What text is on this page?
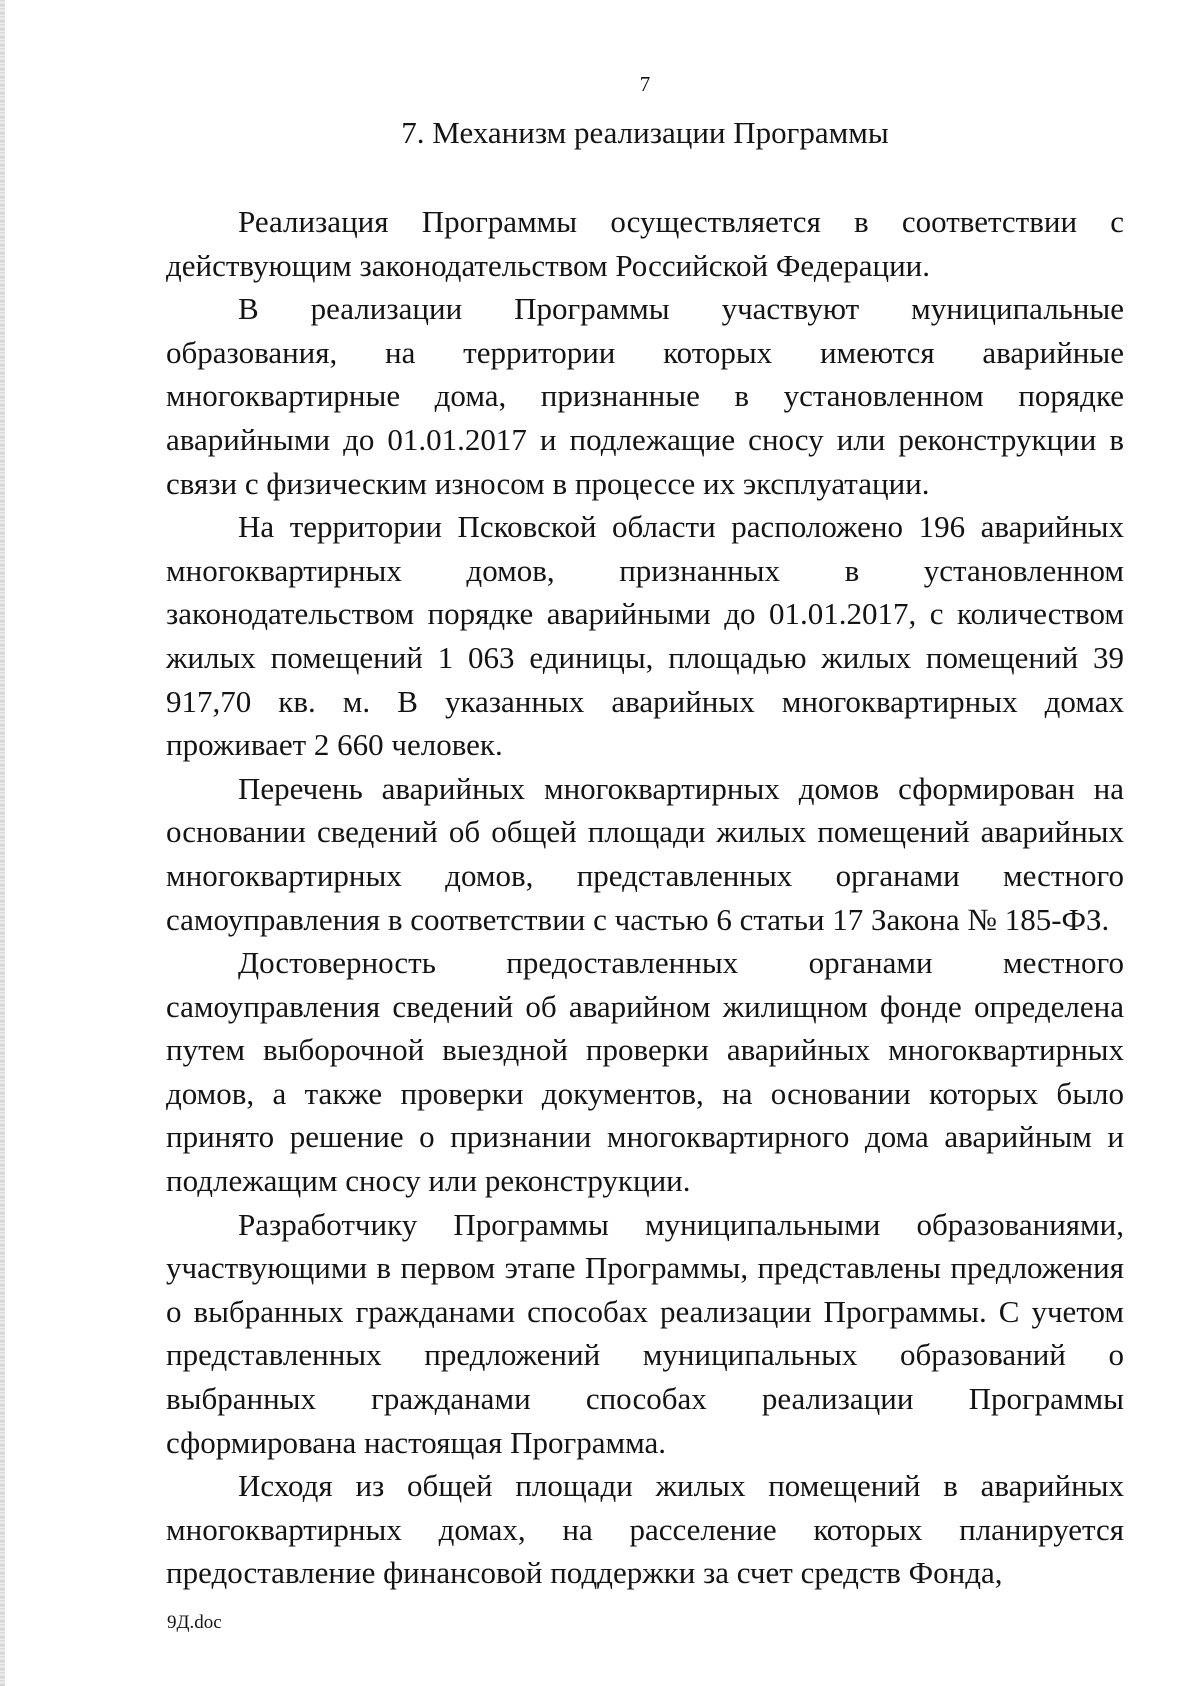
7
7. Механизм реализации Программы

Реализация Программы осуществляется в соответствии с действующим законодательством Российской Федерации.

В реализации Программы участвуют муниципальные образования, на территории которых имеются аварийные многоквартирные дома, признанные в установленном порядке аварийными до 01.01.2017 и подлежащие сносу или реконструкции в связи с физическим износом в процессе их эксплуатации.

На территории Псковской области расположено 196 аварийных многоквартирных домов, признанных в установленном законодательством порядке аварийными до 01.01.2017, с количеством жилых помещений 1 063 единицы, площадью жилых помещений 39 917,70 кв. м. В указанных аварийных многоквартирных домах проживает 2 660 человек.

Перечень аварийных многоквартирных домов сформирован на основании сведений об общей площади жилых помещений аварийных многоквартирных домов, представленных органами местного самоуправления в соответствии с частью 6 статьи 17 Закона № 185-ФЗ.

Достоверность предоставленных органами местного самоуправления сведений об аварийном жилищном фонде определена путем выборочной выездной проверки аварийных многоквартирных домов, а также проверки документов, на основании которых было принято решение о признании многоквартирного дома аварийным и подлежащим сносу или реконструкции.

Разработчику Программы муниципальными образованиями, участвующими в первом этапе Программы, представлены предложения о выбранных гражданами способах реализации Программы. С учетом представленных предложений муниципальных образований о выбранных гражданами способах реализации Программы сформирована настоящая Программа.

Исходя из общей площади жилых помещений в аварийных многоквартирных домах, на расселение которых планируется предоставление финансовой поддержки за счет средств Фонда,

9Д.doc
